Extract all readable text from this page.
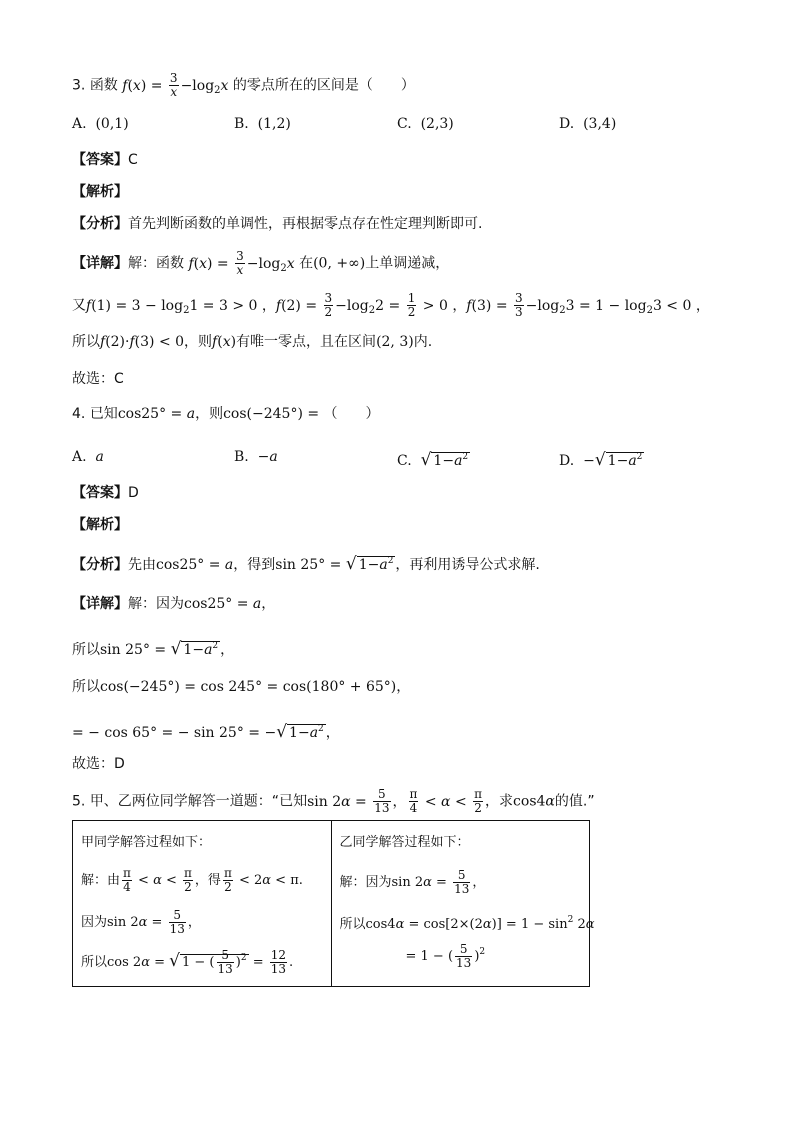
3. 函数 $f(x) = \frac{3}{x} -\log_2x$ 的零点所在的区间是（　　）
A. (0,1)	B. (1,2)	C. (2,3)	D. (3,4)
【答案】C
【解析】
【分析】首先判断函数的单调性，再根据零点存在性定理判断即可.
【详解】解：函数 $f(x) = \frac{3}{x} -\log_2x$ 在(0, +∞)上单调递减，
又$f(1) = 3 - \log_21 = 3 > 0$ ，$f(2) = \frac{3}{2} -\log_22 = \frac{1}{2} > 0$ ，$f(3) = \frac{3}{3} -\log_23 = 1 - \log_23 < 0$ ，
所以f(2)·f(3) < 0，则f(x)有唯一零点，且在区间(2, 3)内.
故选：C
4. 已知cos25° = a，则cos(−245°) = （　　）
A. a	B.  −a	C. √ $1-a^2$	D.  −√ $1-a^2$
【答案】D
【解析】
【分析】先由cos25° = a，得到sin 25° = √ $1-a^2$ ，再利用诱导公式求解.
【详解】解：因为cos25° = a，
所以sin 25° = √ $1-a^2$ ，
所以cos(−245°) = cos 245° = cos(180° + 65°)，
= − cos 65° = − sin 25° = −√ $1-a^2$ ，
故选：D
5. 甲、乙两位同学解答一道题：“已知$\sin 2\alpha = \frac{5}{13}$ ， $\frac{\pi}{4} < \alpha < \frac{\pi}{2}$ ，求cos4α的值.”
甲同学解答过程如下：
解：由 $\frac{\pi}{4} < \alpha < \frac{\pi}{2}$ ，得 $\frac{\pi}{2} < 2\alpha < \pi$.
因为$\sin 2\alpha = \frac{5}{13}$ ，
所以cos 2α = √ 1 − ( $\frac{5}{13} )^2 = \frac{12}{13}$ .

乙同学解答过程如下：
解：因为$\sin 2\alpha = \frac{5}{13}$ ，
所以$\cos 4\alpha = \cos[2\times(2\alpha)] = 1 - \sin^2 2\alpha$
= 1 − ( $\frac{5}{13} )^2$
